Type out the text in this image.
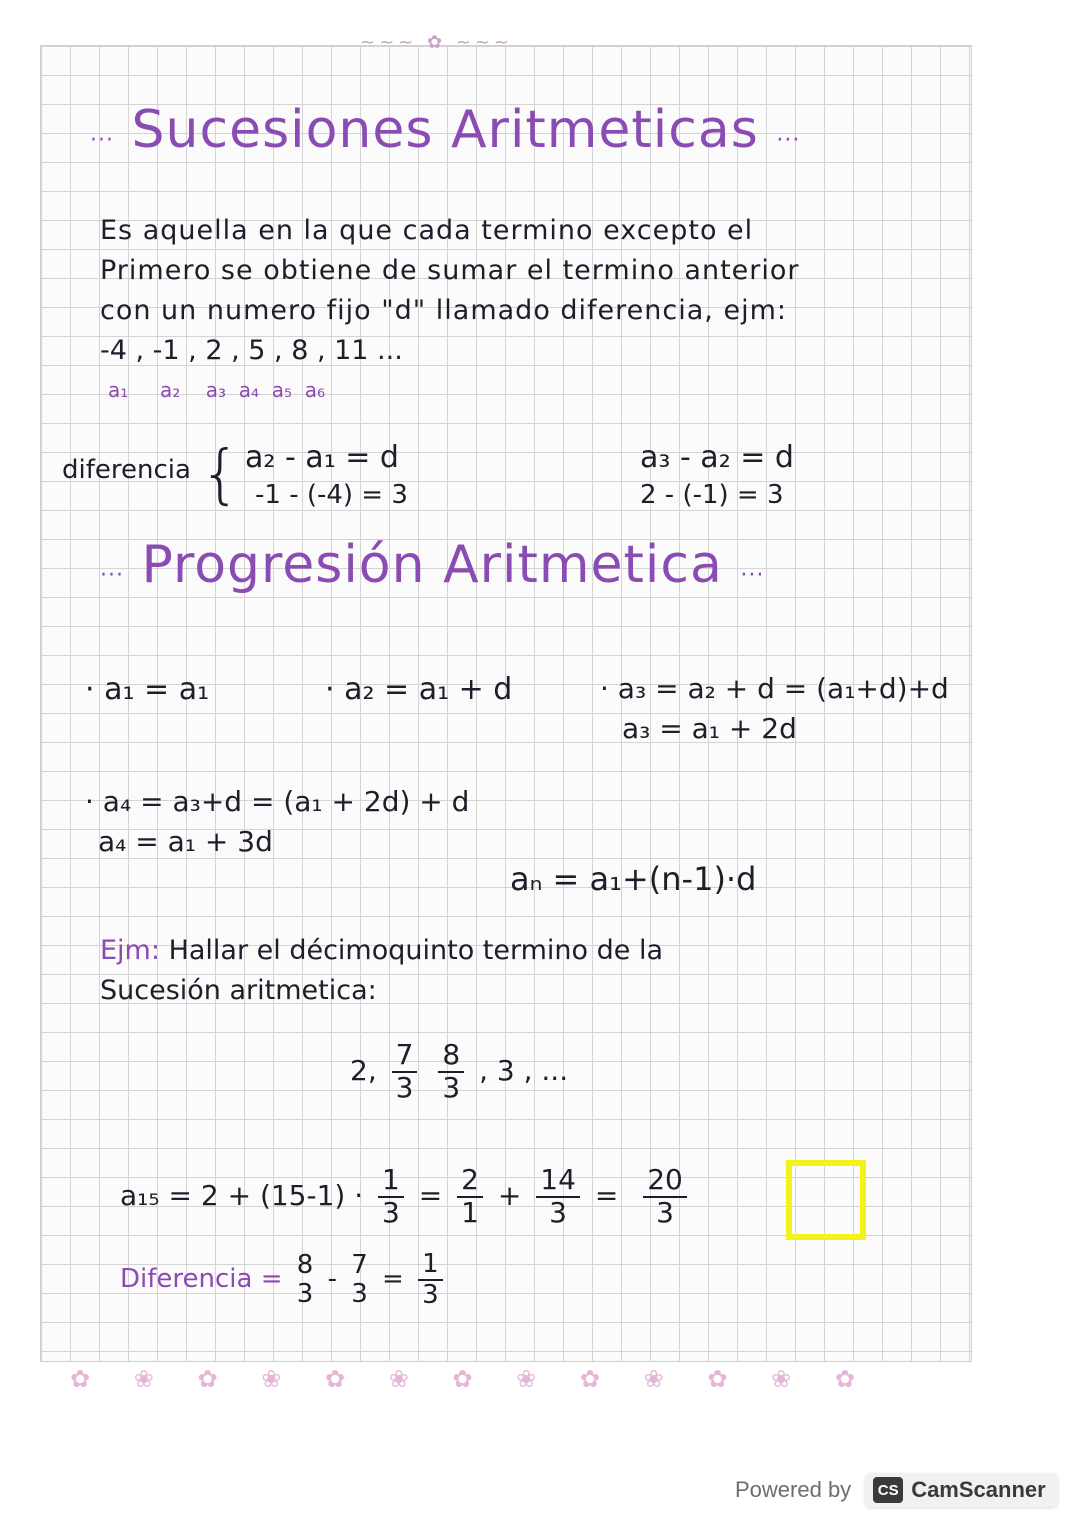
~~~ ✿ ~~~
··· Sucesiones Aritmeticas ···
Es aquella en la que cada termino excepto el
Primero se obtiene de sumar el termino anterior
con un numero fijo "d" llamado diferencia, ejm:
-4 , -1 , 2 , 5 , 8 , 11 ...
a₁     a₂    a₃  a₄  a₅  a₆
diferencia { a₂ - a₁ = d
-1 - (-4) = 3
a₃ - a₂ = d
2 - (-1) = 3
··· Progresión Aritmetica ···
· a₁ = a₁	· a₂ = a₁ + d	· a₃ = a₂ + d = (a₁+d)+d
a₃ = a₁ + 2d
· a₄ = a₃+d = (a₁ + 2d) + d
a₄ = a₁ + 3d
aₙ = a₁+(n-1)·d
Ejm: Hallar el décimoquinto termino de la
Sucesión aritmetica:
2, $\frac{7}{3}$
$\frac{8}{3}$ , 3 , ...
$a_{15} = 2 + (15-1) \cdot \frac{1}{3} = \frac{2}{1} + \frac{14}{3} = \frac{20}{3}$
Diferencia = 8
3 - 7
$3 = \frac{1}{3}$
✿ ❀ ✿ ❀ ✿ ❀ ✿ ❀ ✿ ❀ ✿ ❀ ✿
Powered by	CS CamScanner
